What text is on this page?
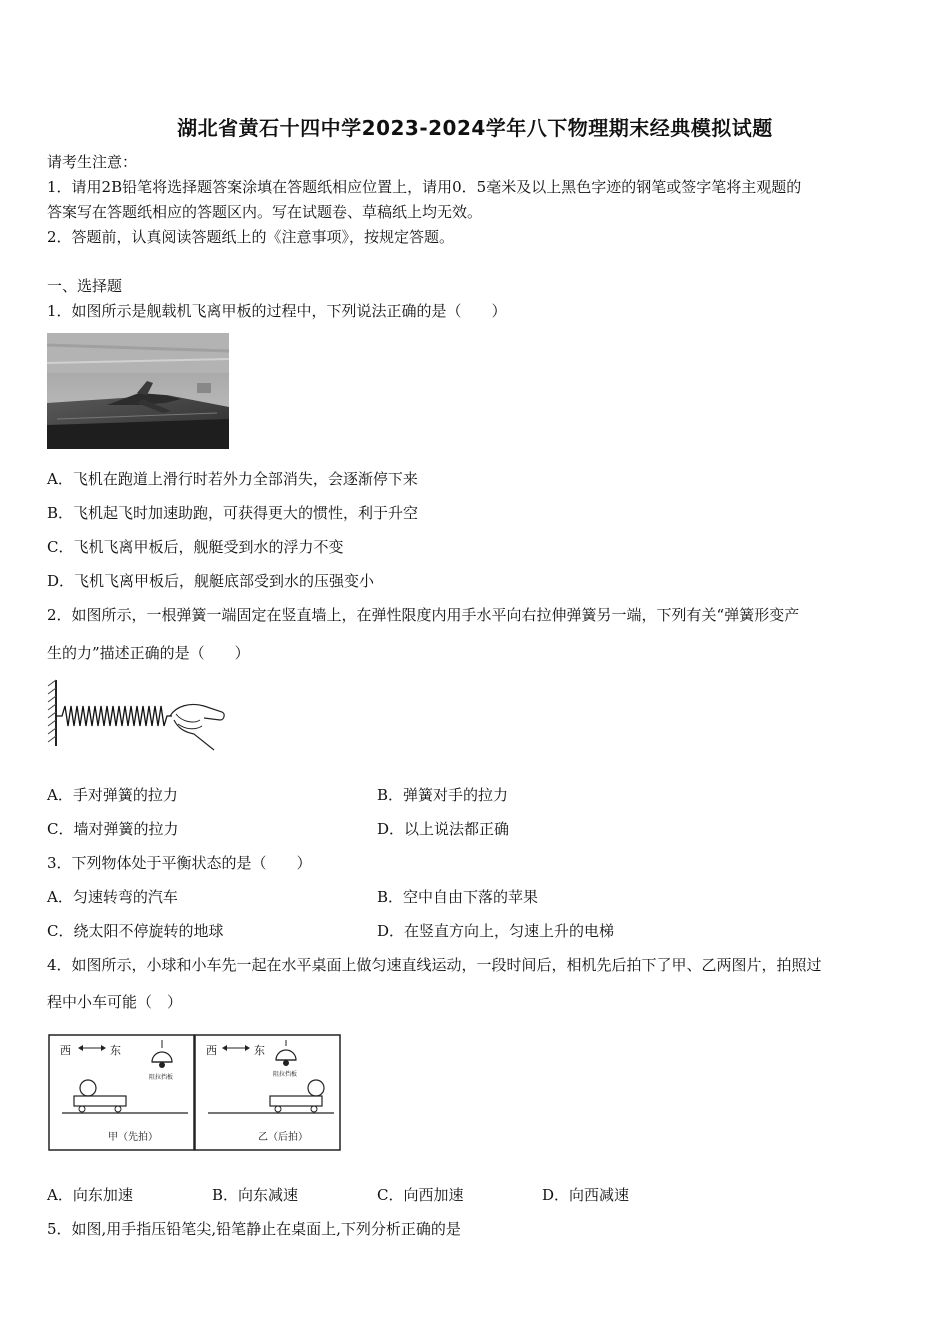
湖北省黄石十四中学2023-2024学年八下物理期末经典模拟试题
请考生注意：
1．请用2B铅笔将选择题答案涂填在答题纸相应位置上，请用0．5毫米及以上黑色字迹的钢笔或签字笔将主观题的
答案写在答题纸相应的答题区内。写在试题卷、草稿纸上均无效。
2．答题前，认真阅读答题纸上的《注意事项》，按规定答题。
一、选择题
1．如图所示是舰载机飞离甲板的过程中，下列说法正确的是（　　）
A．飞机在跑道上滑行时若外力全部消失，会逐渐停下来
B．飞机起飞时加速助跑，可获得更大的惯性，利于升空
C．飞机飞离甲板后，舰艇受到水的浮力不变
D．飞机飞离甲板后，舰艇底部受到水的压强变小
2．如图所示，一根弹簧一端固定在竖直墙上，在弹性限度内用手水平向右拉伸弹簧另一端，下列有关“弹簧形变产
生的力”描述正确的是（　　）
A．手对弹簧的拉力	B．弹簧对手的拉力
C．墙对弹簧的拉力	D．以上说法都正确
3．下列物体处于平衡状态的是（　　）
A．匀速转弯的汽车	B．空中自由下落的苹果
C．绕太阳不停旋转的地球	D．在竖直方向上，匀速上升的电梯
4．如图所示，小球和小车先一起在水平桌面上做匀速直线运动，一段时间后，相机先后拍下了甲、乙两图片，拍照过
程中小车可能（　）
西	东
阻拉挡板
甲（先拍）
西	东
阻拉挡板
乙（后拍）
A．向东加速	B．向东减速	C．向西加速	D．向西减速
5．如图,用手指压铅笔尖,铅笔静止在桌面上,下列分析正确的是
